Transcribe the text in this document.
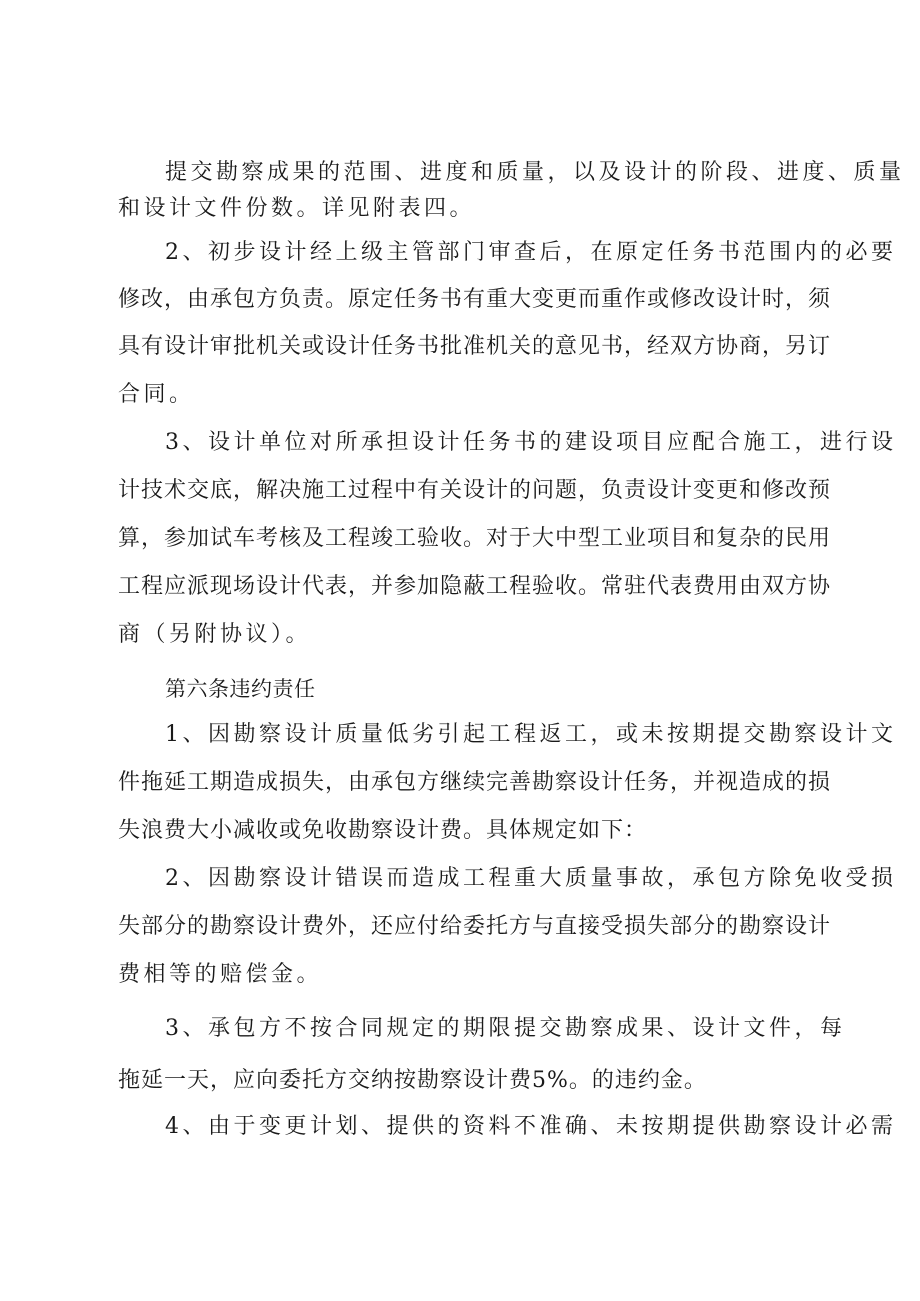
提交勘察成果的范围、进度和质量，以及设计的阶段、进度、质量
和设计文件份数。详见附表四。
2、初步设计经上级主管部门审查后，在原定任务书范围内的必要
修改，由承包方负责。原定任务书有重大变更而重作或修改设计时，须
具有设计审批机关或设计任务书批准机关的意见书，经双方协商，另订
合同。
3、设计单位对所承担设计任务书的建设项目应配合施工，进行设
计技术交底，解决施工过程中有关设计的问题，负责设计变更和修改预
算，参加试车考核及工程竣工验收。对于大中型工业项目和复杂的民用
工程应派现场设计代表，并参加隐蔽工程验收。常驻代表费用由双方协
商（另附协议）。
第六条违约责任
1、因勘察设计质量低劣引起工程返工，或未按期提交勘察设计文
件拖延工期造成损失，由承包方继续完善勘察设计任务，并视造成的损
失浪费大小减收或免收勘察设计费。具体规定如下：
2、因勘察设计错误而造成工程重大质量事故，承包方除免收受损
失部分的勘察设计费外，还应付给委托方与直接受损失部分的勘察设计
费相等的赔偿金。
3、承包方不按合同规定的期限提交勘察成果、设计文件，每
拖延一天，应向委托方交纳按勘察设计费5%。的违约金。
4、由于变更计划、提供的资料不准确、未按期提供勘察设计必需
